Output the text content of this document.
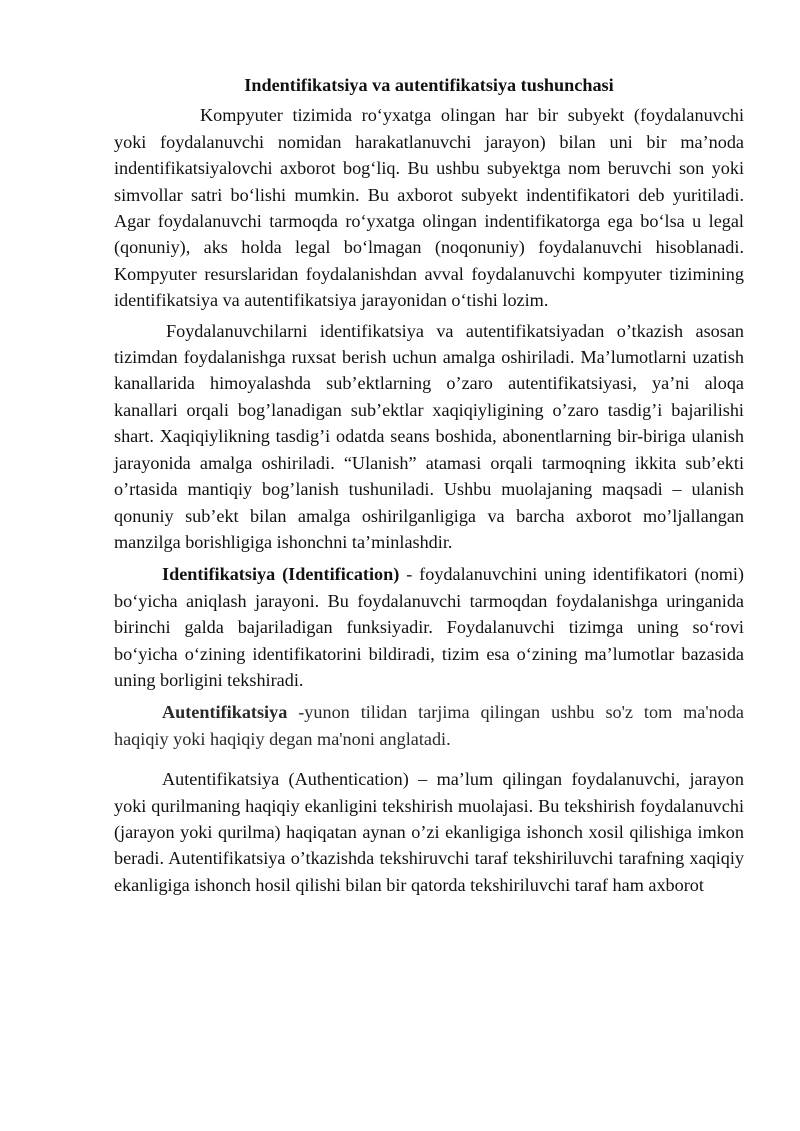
Indentifikatsiya va autentifikatsiya tushunchasi

Kompyuter tizimida ro‘yxatga olingan har bir subyekt (foydalanuvchi yoki foydalanuvchi nomidan harakatlanuvchi jarayon) bilan uni bir ma’noda indentifikatsiyalovchi axborot bog‘liq. Bu ushbu subyektga nom beruvchi son yoki simvollar satri bo‘lishi mumkin. Bu axborot subyekt indentifikatori deb yuritiladi. Agar foydalanuvchi tarmoqda ro‘yxatga olingan indentifikatorga ega bo‘lsa u legal (qonuniy), aks holda legal bo‘lmagan (noqonuniy) foydalanuvchi hisoblanadi. Kompyuter resurslaridan foydalanishdan avval foydalanuvchi kompyuter tizimining identifikatsiya va autentifikatsiya jarayonidan o‘tishi lozim.

Foydalanuvchilarni identifikatsiya va autentifikatsiyadan o’tkazish asosan tizimdan foydalanishga ruxsat berish uchun amalga oshiriladi. Ma’lumotlarni uzatish kanallarida himoyalashda sub’ektlarning o’zaro autentifikatsiyasi, ya’ni aloqa kanallari orqali bog’lanadigan sub’ektlar xaqiqiyligining o’zaro tasdig’i bajarilishi shart. Xaqiqiylikning tasdig’i odatda seans boshida, abonentlarning bir-biriga ulanish jarayonida amalga oshiriladi. “Ulanish” atamasi orqali tarmoqning ikkita sub’ekti o’rtasida mantiqiy bog’lanish tushuniladi. Ushbu muolajaning maqsadi – ulanish qonuniy sub’ekt bilan amalga oshirilganligiga va barcha axborot mo’ljallangan manzilga borishligiga ishonchni ta’minlashdir.

Identifikatsiya (Identification) - foydalanuvchini uning identifikatori (nomi) bo‘yicha aniqlash jarayoni. Bu foydalanuvchi tarmoqdan foydalanishga uringanida birinchi galda bajariladigan funksiyadir. Foydalanuvchi tizimga uning so‘rovi bo‘yicha o‘zining identifikatorini bildiradi, tizim esa o‘zining ma’lumotlar bazasida uning borligini tekshiradi.

Autentifikatsiya -yunon tilidan tarjima qilingan ushbu so'z tom ma'noda haqiqiy yoki haqiqiy degan ma'noni anglatadi.

Autentifikatsiya (Authentication) – ma’lum qilingan foydalanuvchi, jarayon yoki qurilmaning haqiqiy ekanligini tekshirish muolajasi. Bu tekshirish foydalanuvchi (jarayon yoki qurilma) haqiqatan aynan o’zi ekanligiga ishonch xosil qilishiga imkon beradi. Autentifikatsiya o’tkazishda tekshiruvchi taraf tekshiriluvchi tarafning xaqiqiy ekanligiga ishonch hosil qilishi bilan bir qatorda tekshiriluvchi taraf ham axborot
